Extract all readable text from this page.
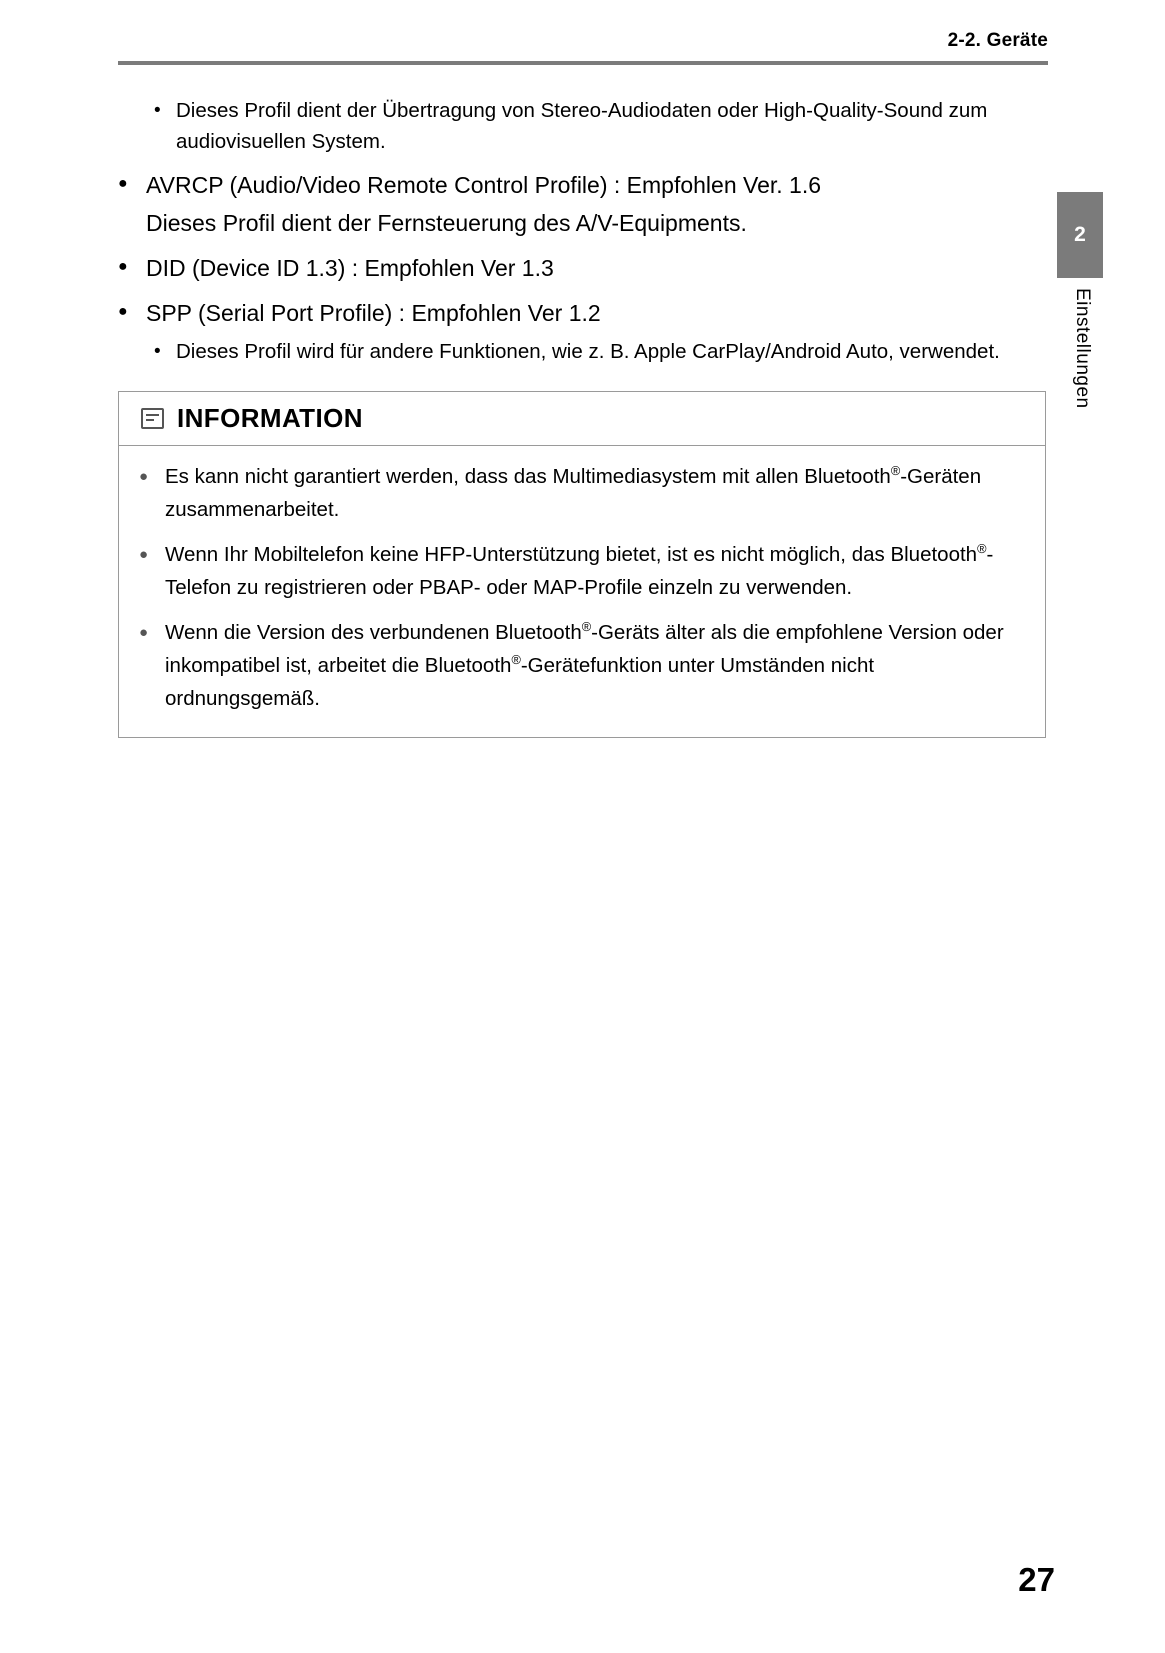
2-2. Geräte
2
Einstellungen
• Dieses Profil dient der Übertragung von Stereo-Audiodaten oder High-Quality-Sound zum audiovisuellen System.
● AVRCP (Audio/Video Remote Control Profile) : Empfohlen Ver. 1.6
Dieses Profil dient der Fernsteuerung des A/V-Equipments.
● DID (Device ID 1.3) : Empfohlen Ver 1.3
● SPP (Serial Port Profile) : Empfohlen Ver 1.2
• Dieses Profil wird für andere Funktionen, wie z. B. Apple CarPlay/Android Auto, verwendet.
INFORMATION
● Es kann nicht garantiert werden, dass das Multimediasystem mit allen Bluetooth®-Geräten zusammenarbeitet.
● Wenn Ihr Mobiltelefon keine HFP-Unterstützung bietet, ist es nicht möglich, das Bluetooth®-Telefon zu registrieren oder PBAP- oder MAP-Profile einzeln zu verwenden.
● Wenn die Version des verbundenen Bluetooth®-Geräts älter als die empfohlene Version oder inkompatibel ist, arbeitet die Bluetooth®-Gerätefunktion unter Umständen nicht ordnungsgemäß.
27
